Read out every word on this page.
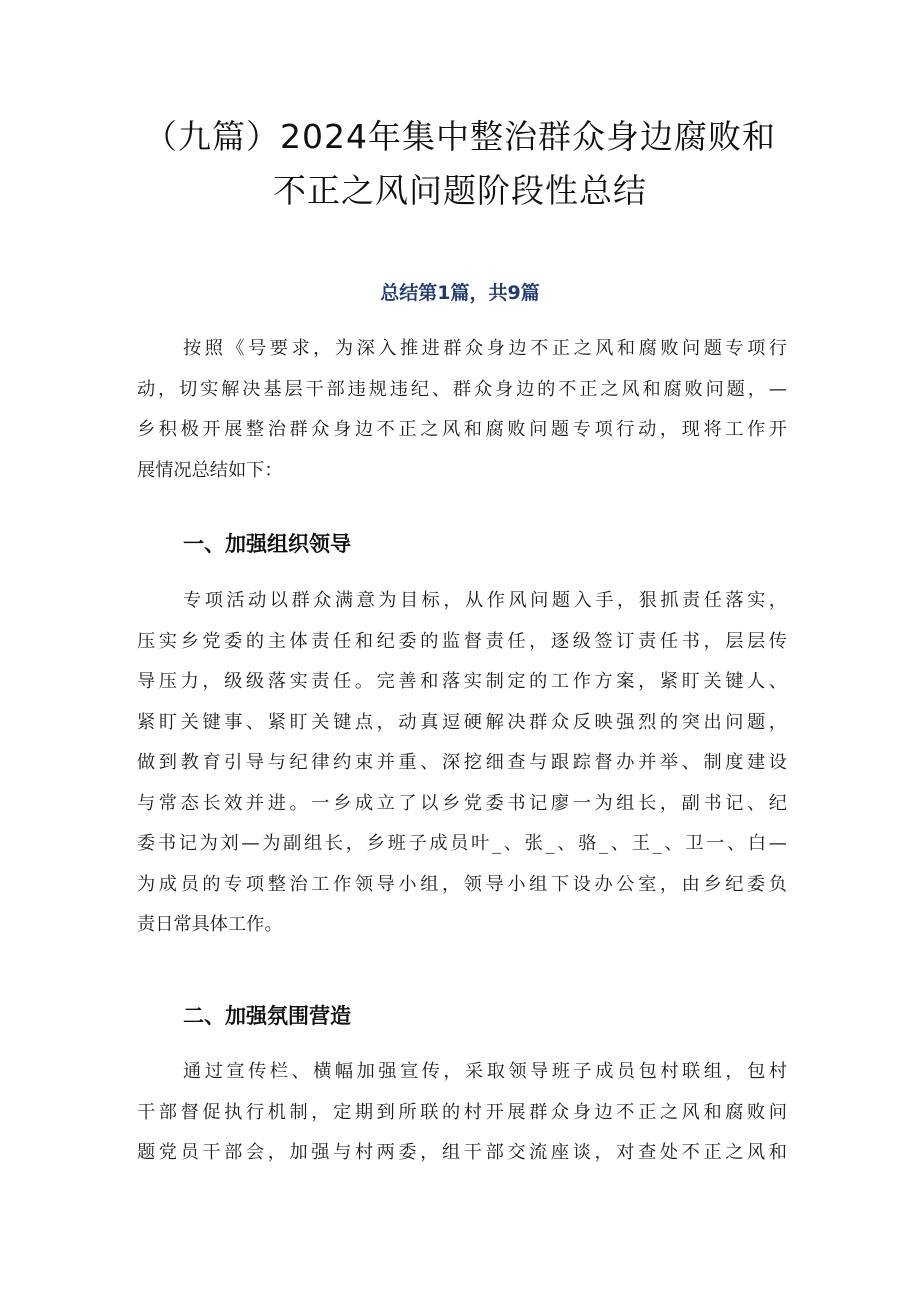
（九篇）2024年集中整治群众身边腐败和
不正之风问题阶段性总结

总结第1篇，共9篇

按照《号要求，为深入推进群众身边不正之风和腐败问题专项行
动，切实解决基层干部违规违纪、群众身边的不正之风和腐败问题，—
乡积极开展整治群众身边不正之风和腐败问题专项行动，现将工作开
展情况总结如下：
一、加强组织领导
专项活动以群众满意为目标，从作风问题入手，狠抓责任落实，
压实乡党委的主体责任和纪委的监督责任，逐级签订责任书，层层传
导压力，级级落实责任。完善和落实制定的工作方案，紧盯关键人、
紧盯关键事、紧盯关键点，动真逗硬解决群众反映强烈的突出问题，
做到教育引导与纪律约束并重、深挖细查与跟踪督办并举、制度建设
与常态长效并进。一乡成立了以乡党委书记廖一为组长，副书记、纪
委书记为刘—为副组长，乡班子成员叶_、张_、骆_、王_、卫一、白—
为成员的专项整治工作领导小组，领导小组下设办公室，由乡纪委负
责日常具体工作。
二、加强氛围营造
通过宣传栏、横幅加强宣传，采取领导班子成员包村联组，包村
干部督促执行机制，定期到所联的村开展群众身边不正之风和腐败问
题党员干部会，加强与村两委，组干部交流座谈，对查处不正之风和
